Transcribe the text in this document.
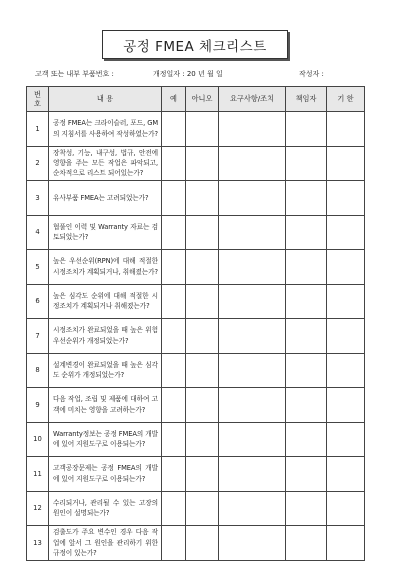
공정 FMEA 체크리스트
고객 또는 내부 부품번호 :	개정일자 : 20 년 월 일	작성자 :
번호	내 용	예	아니오	요구사항/조치	책임자	기 한
1	공정 FMEA는 크라이슬러, 포드, GM의 지침서를 사용하여 작성하였는가?					
2	장착성, 기능, 내구성, 법규, 안전에 영향을 주는 모든 작업은 파악되고, 순차적으로 리스트 되어있는가?					
3	유사부품 FMEA는 고려되었는가?					
4	협풀인 이력 및 Warranty 자료는 검토되었는가?					
5	높은 우선순위(RPN)에 대해 적절한 시정조치가 계획되거나, 취해졌는가?					
6	높은 심각도 순위에 대해 적절한 시정조치가 계획되거나 취해졌는가?					
7	시정조치가 완료되었을 때 높은 위험우선순위가 개정되었는가?					
8	설계변경이 완료되었을 때 높은 심각도 순위가 개정되었는가?					
9	다음 작업, 조립 및 제품에 대하여 고객에 미치는 영향을 고려하는가?					
10	Warranty정보는 공정 FMEA의 개발에 있어 지원도구로 이용되는가?					
11	고객공장문제는 공정 FMEA의 개발에 있어 지원도구로 이용되는가?					
12	수리되거나, 관리될 수 있는 고장의 원인이 설명되는가?					
13	검출도가 주요 변수인 경우 다음 작업에 앞서 그 원인을 관리하기 위한 규정이 있는가?					
